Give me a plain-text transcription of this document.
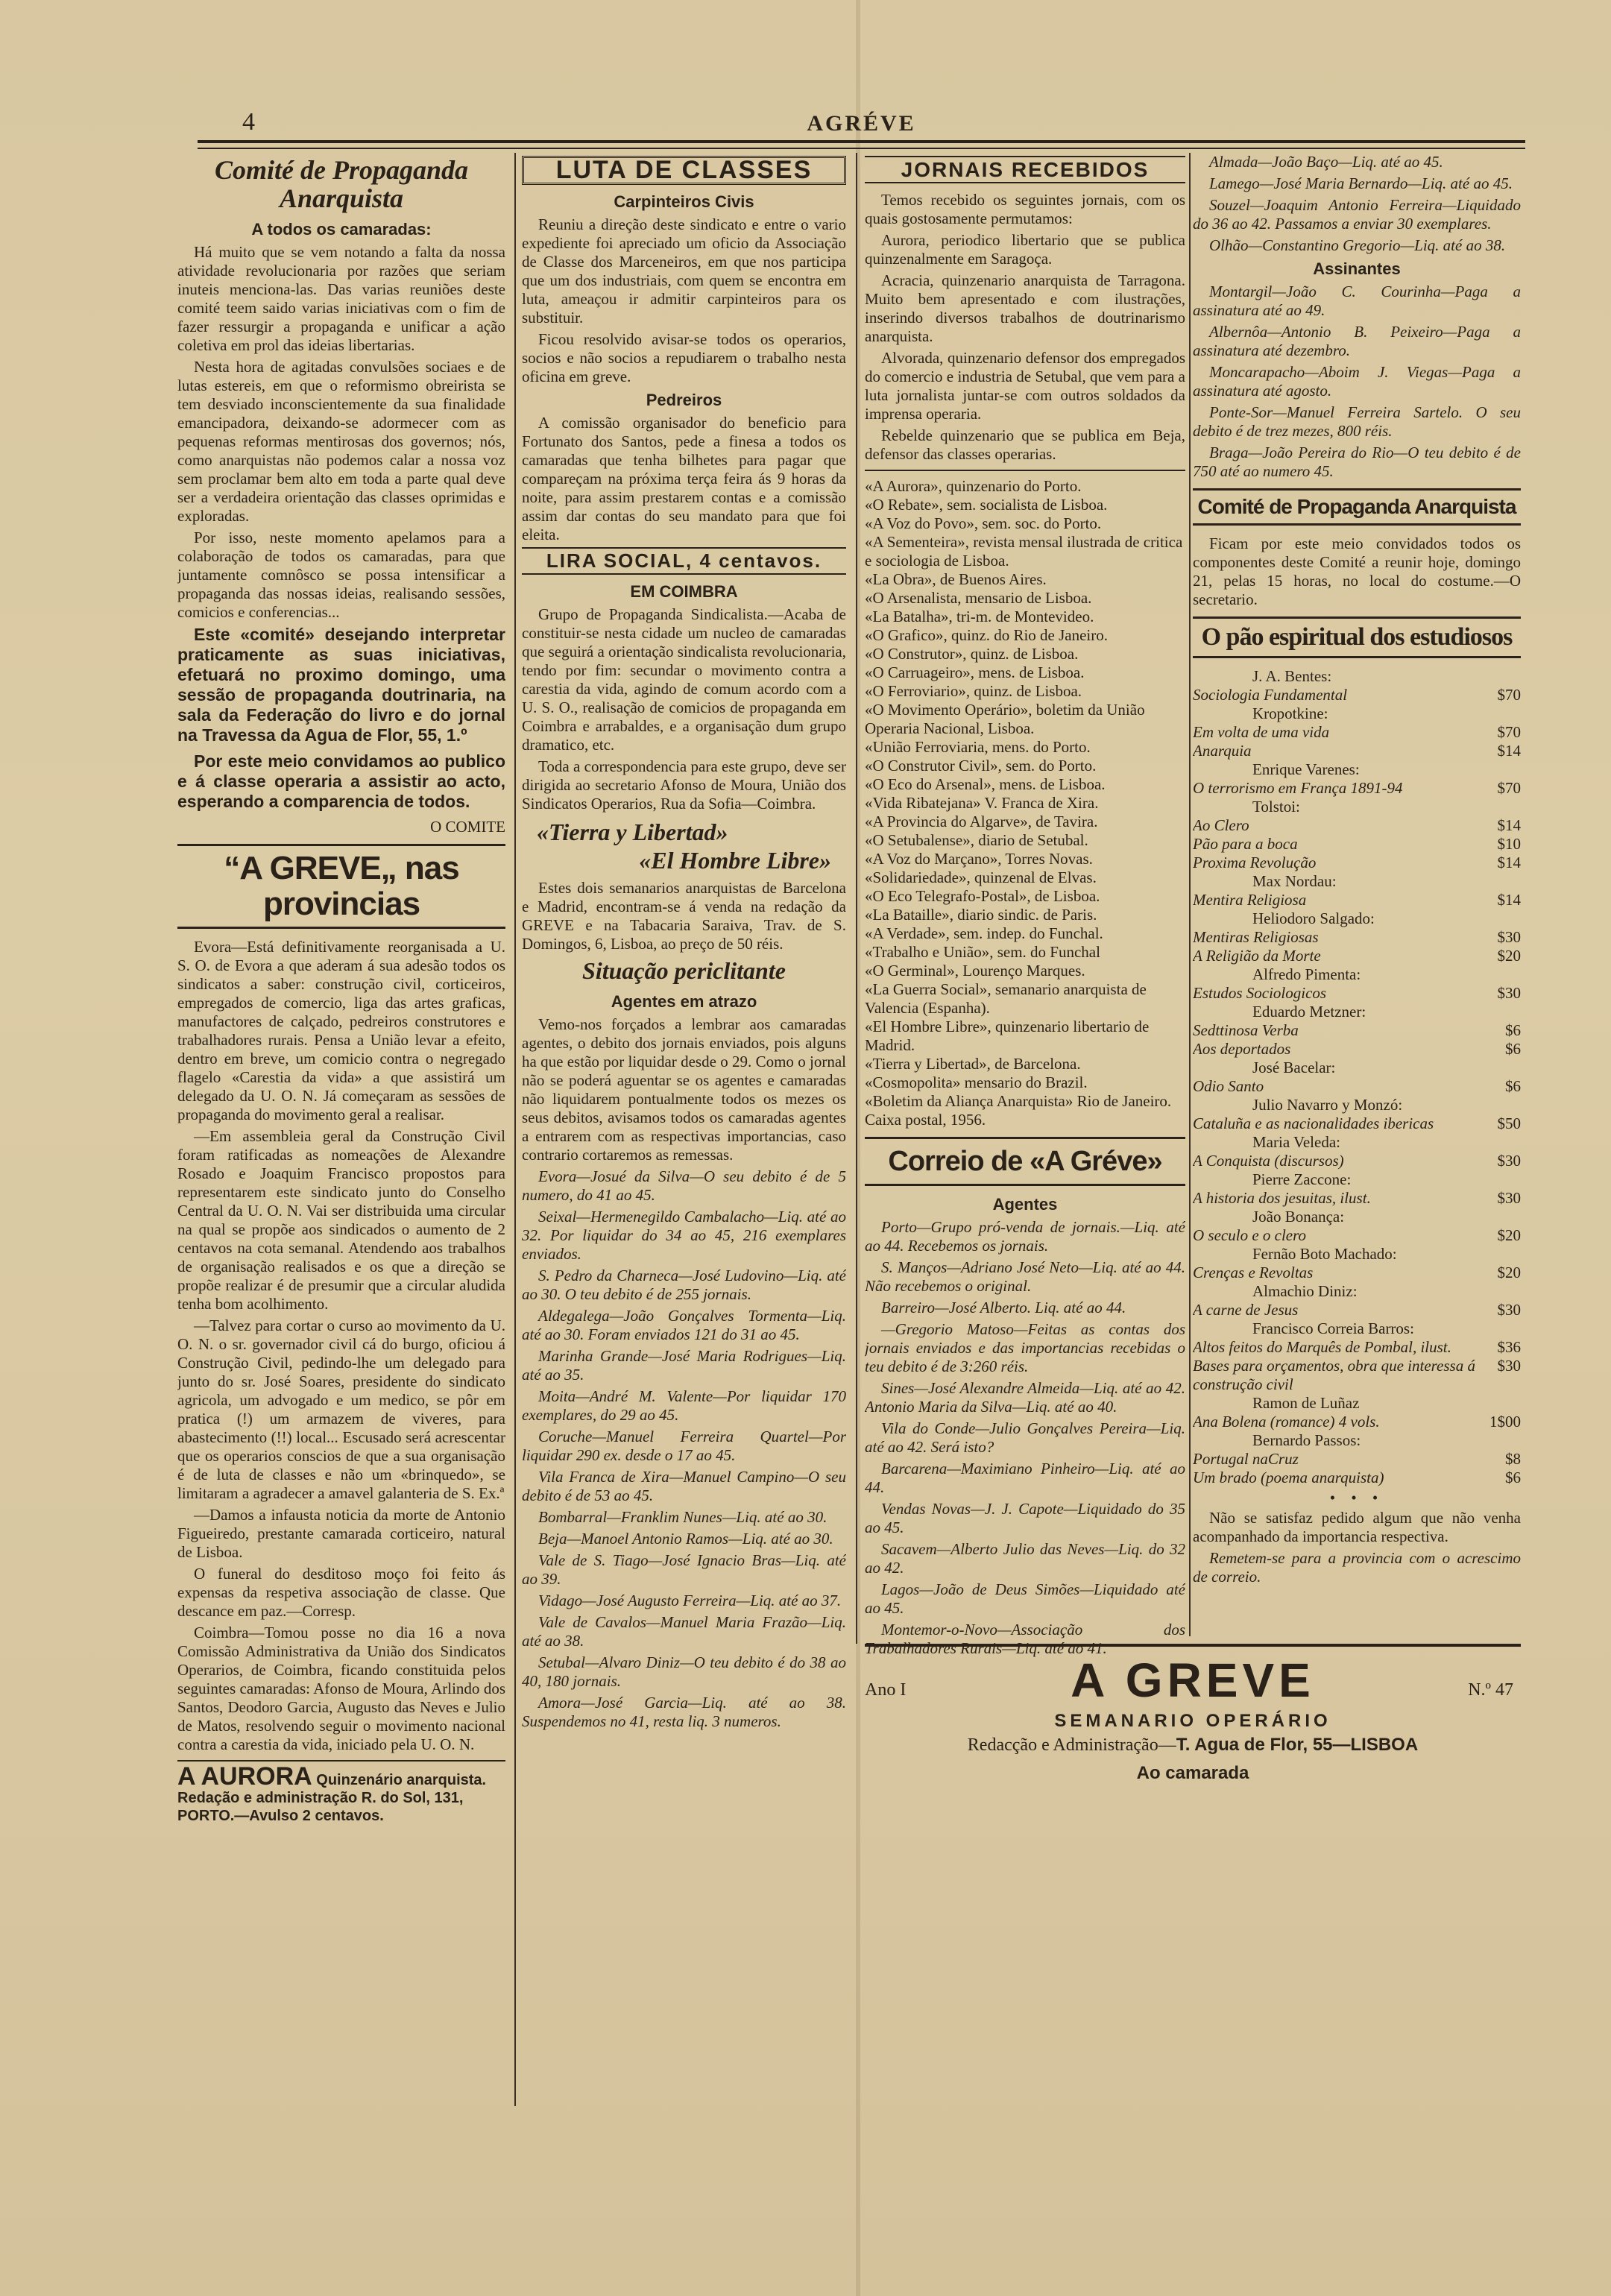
4	AGRÉVE
Comité de Propaganda Anarquista
A todos os camaradas:

Há muito que se vem notando a falta da nossa atividade revolucionaria por razões que seriam inuteis menciona-las. Das varias reuniões deste comité teem saido varias iniciativas com o fim de fazer ressurgir a propaganda e unificar a ação coletiva em prol das ideias libertarias.

Nesta hora de agitadas convulsões sociaes e de lutas estereis, em que o reformismo obreirista se tem desviado inconscientemente da sua finalidade emancipadora, deixando-se adormecer com as pequenas reformas mentirosas dos governos; nós, como anarquistas não podemos calar a nossa voz sem proclamar bem alto em toda a parte qual deve ser a verdadeira orientação das classes oprimidas e exploradas.

Por isso, neste momento apelamos para a colaboração de todos os camaradas, para que juntamente comnôsco se possa intensificar a propaganda das nossas ideias, realisando sessões, comicios e conferencias...

Este «comité» desejando interpretar praticamente as suas iniciativas, efetuará no proximo domingo, uma sessão de propaganda doutrinaria, na sala da Federação do livro e do jornal na Travessa da Agua de Flor, 55, 1.º
Por este meio convidamos ao publico e á classe operaria a assistir ao acto, esperando a comparencia de todos.

O COMITE

“A GREVE„ nas provincias

Evora—Está definitivamente reorganisada a U. S. O. de Evora a que aderam á sua adesão todos os sindicatos a saber: construção civil, corticeiros, empregados de comercio, liga das artes graficas, manufactores de calçado, pedreiros construtores e trabalhadores rurais. Pensa a União levar a efeito, dentro em breve, um comicio contra o negregado flagelo «Carestia da vida» a que assistirá um delegado da U. O. N. Já começaram as sessões de propaganda do movimento geral a realisar.

—Em assembleia geral da Construção Civil foram ratificadas as nomeações de Alexandre Rosado e Joaquim Francisco propostos para representarem este sindicato junto do Conselho Central da U. O. N. Vai ser distribuida uma circular na qual se propõe aos sindicados o aumento de 2 centavos na cota semanal. Atendendo aos trabalhos de organisação realisados e os que a direção se propõe realizar é de presumir que a circular aludida tenha bom acolhimento.

—Talvez para cortar o curso ao movimento da U. O. N. o sr. governador civil cá do burgo, oficiou á Construção Civil, pedindo-lhe um delegado para junto do sr. José Soares, presidente do sindicato agricola, um advogado e um medico, se pôr em pratica (!) um armazem de viveres, para abastecimento (!!) local... Escusado será acrescentar que os operarios conscios de que a sua organisação é de luta de classes e não um «brinquedo», se limitaram a agradecer a amavel galanteria de S. Ex.ª

—Damos a infausta noticia da morte de Antonio Figueiredo, prestante camarada corticeiro, natural de Lisboa.

O funeral do desditoso moço foi feito ás expensas da respetiva associação de classe. Que descance em paz.—Corresp.

Coimbra—Tomou posse no dia 16 a nova Comissão Administrativa da União dos Sindicatos Operarios, de Coimbra, ficando constituida pelos seguintes camaradas: Afonso de Moura, Arlindo dos Santos, Deodoro Garcia, Augusto das Neves e Julio de Matos, resolvendo seguir o movimento nacional contra a carestia da vida, iniciado pela U. O. N.

A AURORA Quinzenário anarquista. Redação e administração R. do Sol, 131, PORTO.—Avulso 2 centavos.
LUTA DE CLASSES
Carpinteiros Civis

Reuniu a direção deste sindicato e entre o vario expediente foi apreciado um oficio da Associação de Classe dos Marceneiros, em que nos participa que um dos industriais, com quem se encontra em luta, ameaçou ir admitir carpinteiros para os substituir.

Ficou resolvido avisar-se todos os operarios, socios e não socios a repudiarem o trabalho nesta oficina em greve.

Pedreiros

A comissão organisador do beneficio para Fortunato dos Santos, pede a finesa a todos os camaradas que tenha bilhetes para pagar que compareçam na próxima terça feira ás 9 horas da noite, para assim prestarem contas e a comissão assim dar contas do seu mandato para que foi eleita.

LIRA SOCIAL, 4 centavos.
EM COIMBRA

Grupo de Propaganda Sindicalista.—Acaba de constituir-se nesta cidade um nucleo de camaradas que seguirá a orientação sindicalista revolucionaria, tendo por fim: secundar o movimento contra a carestia da vida, agindo de comum acordo com a U. S. O., realisação de comicios de propaganda em Coimbra e arrabaldes, e a organisação dum grupo dramatico, etc.

Toda a correspondencia para este grupo, deve ser dirigida ao secretario Afonso de Moura, União dos Sindicatos Operarios, Rua da Sofia—Coimbra.

«Tierra y Libertad»
«El Hombre Libre»

Estes dois semanarios anarquistas de Barcelona e Madrid, encontram-se á venda na redação da GREVE e na Tabacaria Saraiva, Trav. de S. Domingos, 6, Lisboa, ao preço de 50 réis.

Situação periclitante
Agentes em atrazo

Vemo-nos forçados a lembrar aos camaradas agentes, o debito dos jornais enviados, pois alguns ha que estão por liquidar desde o 29. Como o jornal não se poderá aguentar se os agentes e camaradas não liquidarem pontualmente todos os mezes os seus debitos, avisamos todos os camaradas agentes a entrarem com as respectivas importancias, caso contrario cortaremos as remessas.

Evora—Josué da Silva—O seu debito é de 5 numero, do 41 ao 45.

Seixal—Hermenegildo Cambalacho—Liq. até ao 32. Por liquidar do 34 ao 45, 216 exemplares enviados.

S. Pedro da Charneca—José Ludovino—Liq. até ao 30. O teu debito é de 255 jornais.

Aldegalega—João Gonçalves Tormenta—Liq. até ao 30. Foram enviados 121 do 31 ao 45.

Marinha Grande—José Maria Rodrigues—Liq. até ao 35.

Moita—André M. Valente—Por liquidar 170 exemplares, do 29 ao 45.

Coruche—Manuel Ferreira Quartel—Por liquidar 290 ex. desde o 17 ao 45.

Vila Franca de Xira—Manuel Campino—O seu debito é de 53 ao 45.

Bombarral—Franklim Nunes—Liq. até ao 30.

Beja—Manoel Antonio Ramos—Liq. até ao 30.

Vale de S. Tiago—José Ignacio Bras—Liq. até ao 39.

Vidago—José Augusto Ferreira—Liq. até ao 37.

Vale de Cavalos—Manuel Maria Frazão—Liq. até ao 38.

Setubal—Alvaro Diniz—O teu debito é do 38 ao 40, 180 jornais.

Amora—José Garcia—Liq. até ao 38. Suspendemos no 41, resta liq. 3 numeros.

JORNAIS RECEBIDOS

Temos recebido os seguintes jornais, com os quais gostosamente permutamos:

Aurora, periodico libertario que se publica quinzenalmente em Saragoça.

Acracia, quinzenario anarquista de Tarragona. Muito bem apresentado e com ilustrações, inserindo diversos trabalhos de doutrinarismo anarquista.

Alvorada, quinzenario defensor dos empregados do comercio e industria de Setubal, que vem para a luta jornalista juntar-se com outros soldados da imprensa operaria.

Rebelde quinzenario que se publica em Beja, defensor das classes operarias.

«A Aurora», quinzenario do Porto.

«O Rebate», sem. socialista de Lisboa.

«A Voz do Povo», sem. soc. do Porto.

«A Sementeira», revista mensal ilustrada de critica e sociologia de Lisboa.

«La Obra», de Buenos Aires.

«O Arsenalista, mensario de Lisboa.

«La Batalha», tri-m. de Montevideo.

«O Grafico», quinz. do Rio de Janeiro.

«O Construtor», quinz. de Lisboa.

«O Carruageiro», mens. de Lisboa.

«O Ferroviario», quinz. de Lisboa.

«O Movimento Operário», boletim da União Operaria Nacional, Lisboa.

«União Ferroviaria, mens. do Porto.

«O Construtor Civil», sem. do Porto.

«O Eco do Arsenal», mens. de Lisboa.

«Vida Ribatejana» V. Franca de Xira.

«A Provincia do Algarve», de Tavira.

«O Setubalense», diario de Setubal.

«A Voz do Marçano», Torres Novas.

«Solidariedade», quinzenal de Elvas.

«O Eco Telegrafo-Postal», de Lisboa.

«La Bataille», diario sindic. de Paris.

«A Verdade», sem. indep. do Funchal.

«Trabalho e União», sem. do Funchal

«O Germinal», Lourenço Marques.

«La Guerra Social», semanario anarquista de Valencia (Espanha).

«El Hombre Libre», quinzenario libertario de Madrid.

«Tierra y Libertad», de Barcelona.

«Cosmopolita» mensario do Brazil.

«Boletim da Aliança Anarquista» Rio de Janeiro. Caixa postal, 1956.

Correio de «A Gréve»
Agentes

Porto—Grupo pró-venda de jornais.—Liq. até ao 44. Recebemos os jornais.

S. Manços—Adriano José Neto—Liq. até ao 44. Não recebemos o original.

Barreiro—José Alberto. Liq. até ao 44.

—Gregorio Matoso—Feitas as contas dos jornais enviados e das importancias recebidas o teu debito é de 3:260 réis.

Sines—José Alexandre Almeida—Liq. até ao 42. Antonio Maria da Silva—Liq. até ao 40.

Vila do Conde—Julio Gonçalves Pereira—Liq. até ao 42. Será isto?

Barcarena—Maximiano Pinheiro—Liq. até ao 44.

Vendas Novas—J. J. Capote—Liquidado do 35 ao 45.

Sacavem—Alberto Julio das Neves—Liq. do 32 ao 42.

Lagos—João de Deus Simões—Liquidado até ao 45.

Montemor-o-Novo—Associação dos Trabalhadores Rurais—Liq. até ao 41.

Almada—João Baço—Liq. até ao 45.

Lamego—José Maria Bernardo—Liq. até ao 45.

Souzel—Joaquim Antonio Ferreira—Liquidado do 36 ao 42. Passamos a enviar 30 exemplares.

Olhão—Constantino Gregorio—Liq. até ao 38.

Assinantes

Montargil—João C. Courinha—Paga a assinatura até ao 49.

Albernôa—Antonio B. Peixeiro—Paga a assinatura até dezembro.

Moncarapacho—Aboim J. Viegas—Paga a assinatura até agosto.

Ponte-Sor—Manuel Ferreira Sartelo. O seu debito é de trez mezes, 800 réis.

Braga—João Pereira do Rio—O teu debito é de 750 até ao numero 45.

Comité de Propaganda Anarquista

Ficam por este meio convidados todos os componentes deste Comité a reunir hoje, domingo 21, pelas 15 horas, no local do costume.—O secretario.

O pão espiritual dos estudiosos

J. A. Bentes:

Sociologia Fundamental	$70

Kropotkine:

Em volta de uma vida	$70
Anarquia	$14

Enrique Varenes:

O terrorismo em França 1891-94	$70

Tolstoi:

Ao Clero	$14
Pão para a boca	$10
Proxima Revolução	$14

Max Nordau:

Mentira Religiosa	$14

Heliodoro Salgado:

Mentiras Religiosas	$30
A Religião da Morte	$20

Alfredo Pimenta:

Estudos Sociologicos	$30

Eduardo Metzner:

Sedttinosa Verba	$6
Aos deportados	$6

José Bacelar:

Odio Santo	$6

Julio Navarro y Monzó:

Cataluña e as nacionalidades ibericas	$50

Maria Veleda:

A Conquista (discursos)	$30

Pierre Zaccone:

A historia dos jesuitas, ilust.	$30

João Bonança:

O seculo e o clero	$20

Fernão Boto Machado:

Crenças e Revoltas	$20

Almachio Diniz:

A carne de Jesus	$30

Francisco Correia Barros:

Altos feitos do Marquês de Pombal, ilust.	$36
Bases para orçamentos, obra que interessa á construção civil
$30

Ramon de Luñaz

Ana Bolena (romance) 4 vols.	1$00

Bernardo Passos:

Portugal naCruz	$8
Um brado (poema anarquista)	$6
• • •

Não se satisfaz pedido algum que não venha acompanhado da importancia respectiva.

Remetem-se para a provincia com o acrescimo de correio.

Ano I	A GREVE	N.º 47
SEMANARIO OPERÁRIO
Redacção e Administração—T. Agua de Flor, 55—LISBOA
Ao camarada
